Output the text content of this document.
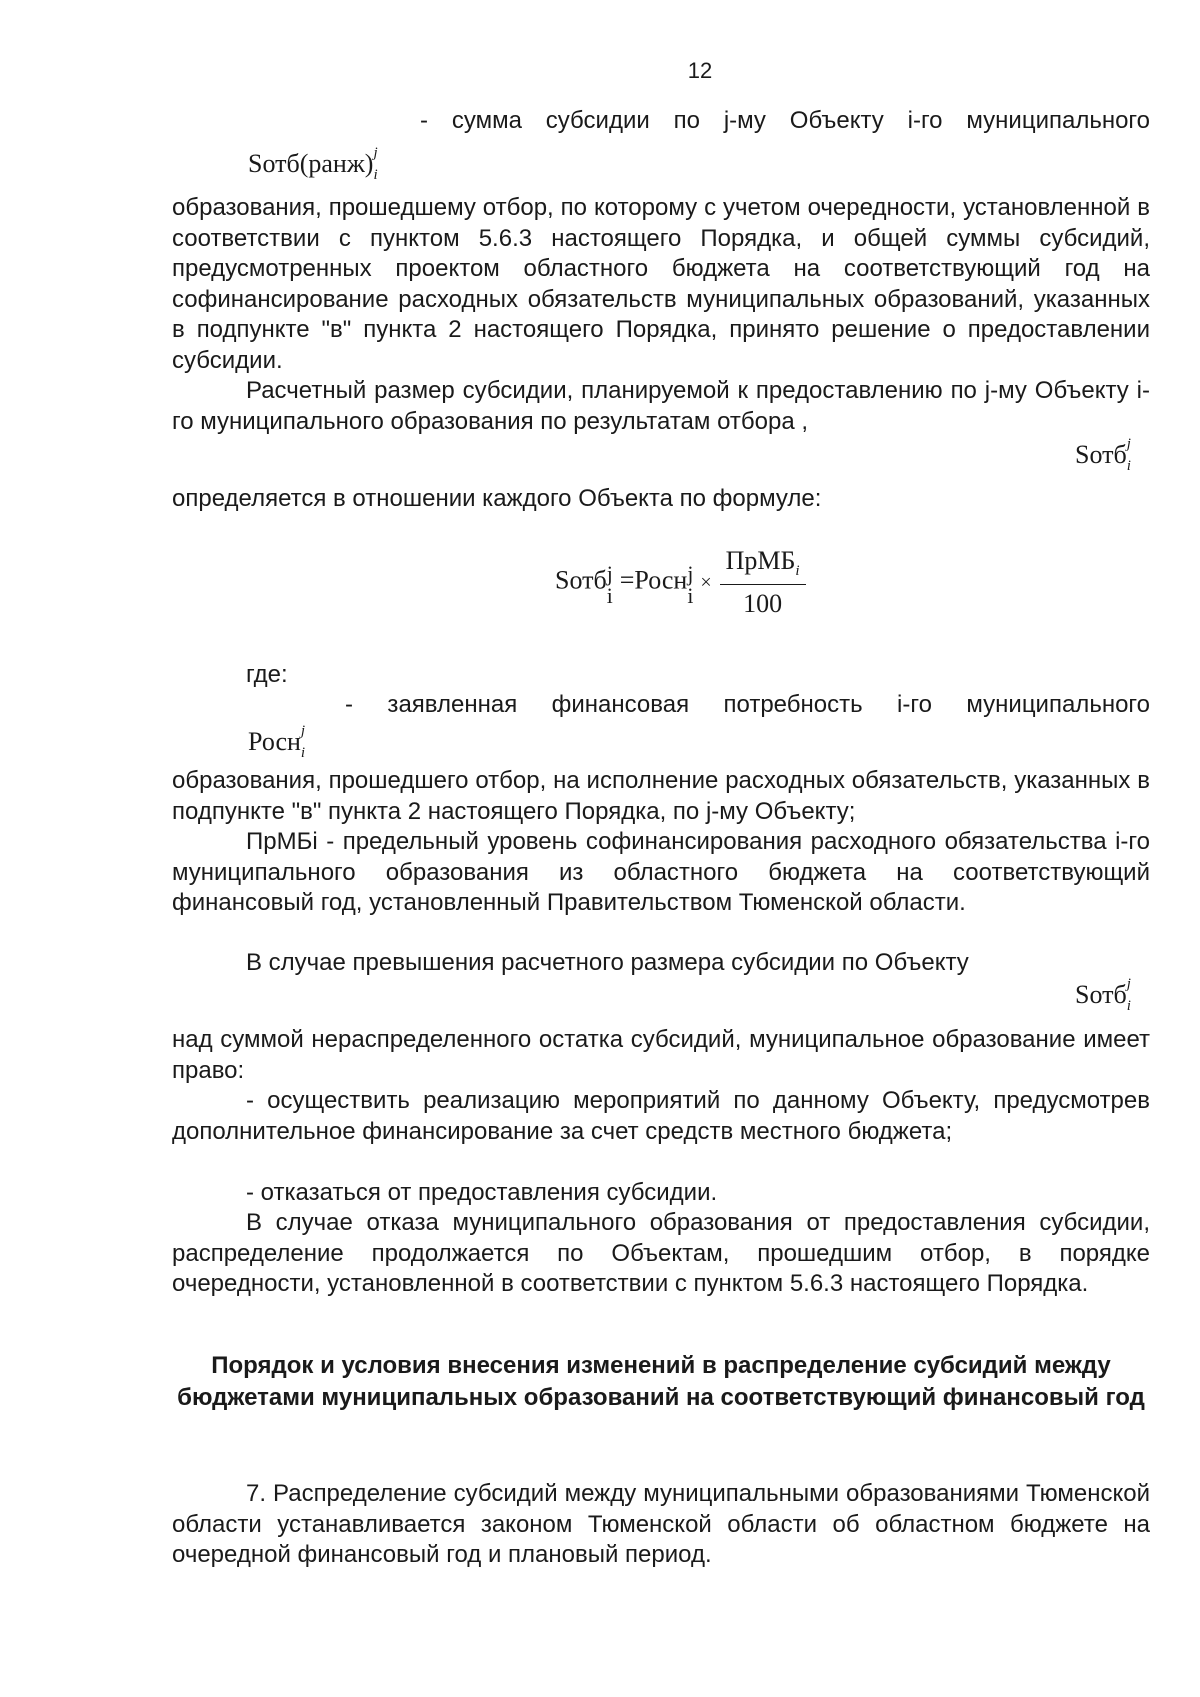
12
- сумма субсидии по j-му Объекту i-го муниципального
Sотб(ранж) j
i

образования, прошедшему отбор, по которому с учетом очередности, установленной в соответствии с пунктом 5.6.3 настоящего Порядка, и общей суммы субсидий, предусмотренных проектом областного бюджета на соответствующий год на софинансирование расходных обязательств муниципальных образований, указанных в подпункте "в" пункта 2 настоящего Порядка, принято решение о предоставлении субсидии.

Расчетный размер субсидии, планируемой к предоставлению по j-му Объекту i-го муниципального образования по результатам отбора ,

Sотб j
i

определяется в отношении каждого Объекта по формуле:

Sотб j
i
=Росн j
i
× $\frac{ПрМБ_i}{100}$

где:

- заявленная финансовая потребность i-го муниципального
Росн j
i

образования, прошедшего отбор, на исполнение расходных обязательств, указанных в подпункте "в" пункта 2 настоящего Порядка, по j-му Объекту;

ПрМБi - предельный уровень софинансирования расходного обязательства i-го муниципального образования из областного бюджета на соответствующий финансовый год, установленный Правительством Тюменской области.

В случае превышения расчетного размера субсидии по Объекту

Sотб j
i

над суммой нераспределенного остатка субсидий, муниципальное образование имеет право:

- осуществить реализацию мероприятий по данному Объекту, предусмотрев дополнительное финансирование за счет средств местного бюджета;

- отказаться от предоставления субсидии.

В случае отказа муниципального образования от предоставления субсидии, распределение продолжается по Объектам, прошедшим отбор, в порядке очередности, установленной в соответствии с пунктом 5.6.3 настоящего Порядка.

Порядок и условия внесения изменений в распределение субсидий между бюджетами муниципальных образований на соответствующий финансовый год

7. Распределение субсидий между муниципальными образованиями Тюменской области устанавливается законом Тюменской области об областном бюджете на очередной финансовый год и плановый период.
